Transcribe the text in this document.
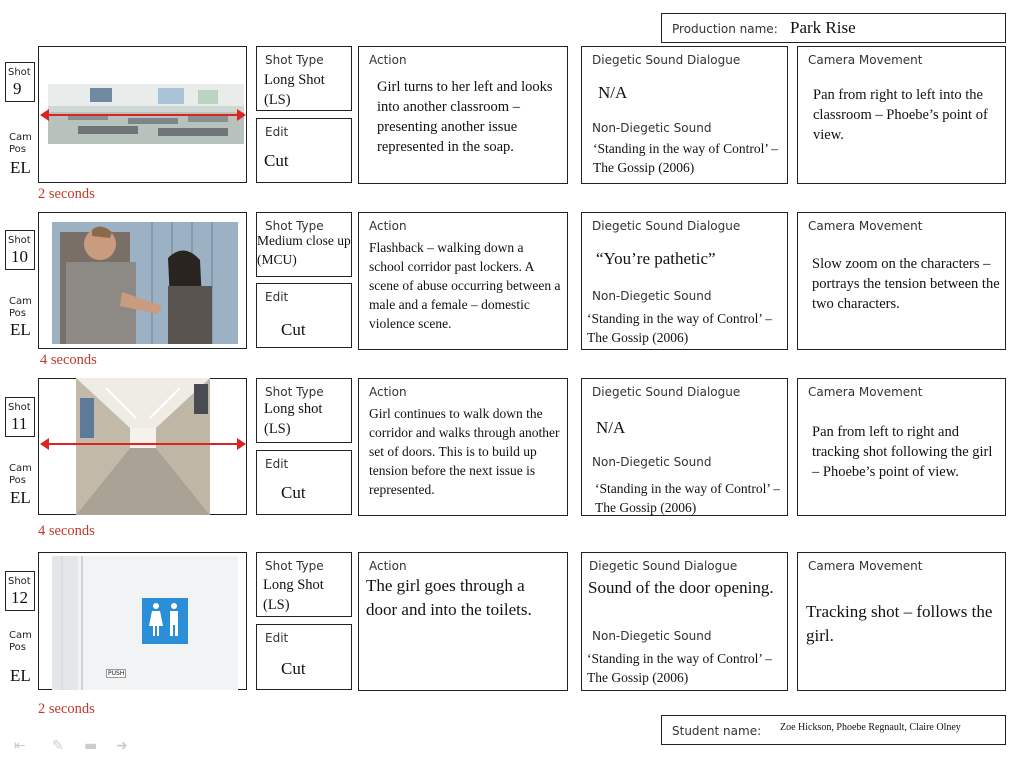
Production name: Park Rise
Shot
9
Cam
Pos
EL
2 seconds
Shot Type
Long Shot (LS)
Edit
Cut
Action
Girl turns to her left and looks into another classroom – presenting another issue represented in the soap.
Diegetic Sound Dialogue
N/A
Non-Diegetic Sound
‘Standing in the way of Control’ – The Gossip (2006)
Camera Movement
Pan from right to left into the classroom – Phoebe’s point of view.
Shot
10
Cam
Pos
EL
4 seconds
Shot Type
Medium close up (MCU)
Edit
Cut
Action
Flashback – walking down a school corridor past lockers. A scene of abuse occurring between a male and a female – domestic violence scene.
Diegetic Sound Dialogue
“You’re pathetic”
Non-Diegetic Sound
‘Standing in the way of Control’ – The Gossip (2006)
Camera Movement
Slow zoom on the characters – portrays the tension between the two characters.
Shot
11
Cam
Pos
EL
4 seconds
Shot Type
Long shot (LS)
Edit
Cut
Action
Girl continues to walk down the corridor and walks through another set of doors. This is to build up tension before the next issue is represented.
Diegetic Sound Dialogue
N/A
Non-Diegetic Sound
‘Standing in the way of Control’ – The Gossip (2006)
Camera Movement
Pan from left to right and tracking shot following the girl – Phoebe’s point of view.
Shot
12
Cam
Pos
EL	PUSH
2 seconds
Shot Type
Long Shot (LS)
Edit
Cut
Action
The girl goes through a door and into the toilets.
Diegetic Sound Dialogue
Sound of the door opening.
Non-Diegetic Sound
‘Standing in the way of Control’ – The Gossip (2006)
Camera Movement
Tracking shot – follows the girl.
Student name: Zoe Hickson, Phoebe Regnault, Claire Olney
⇤ ✎ ▬ ➜
